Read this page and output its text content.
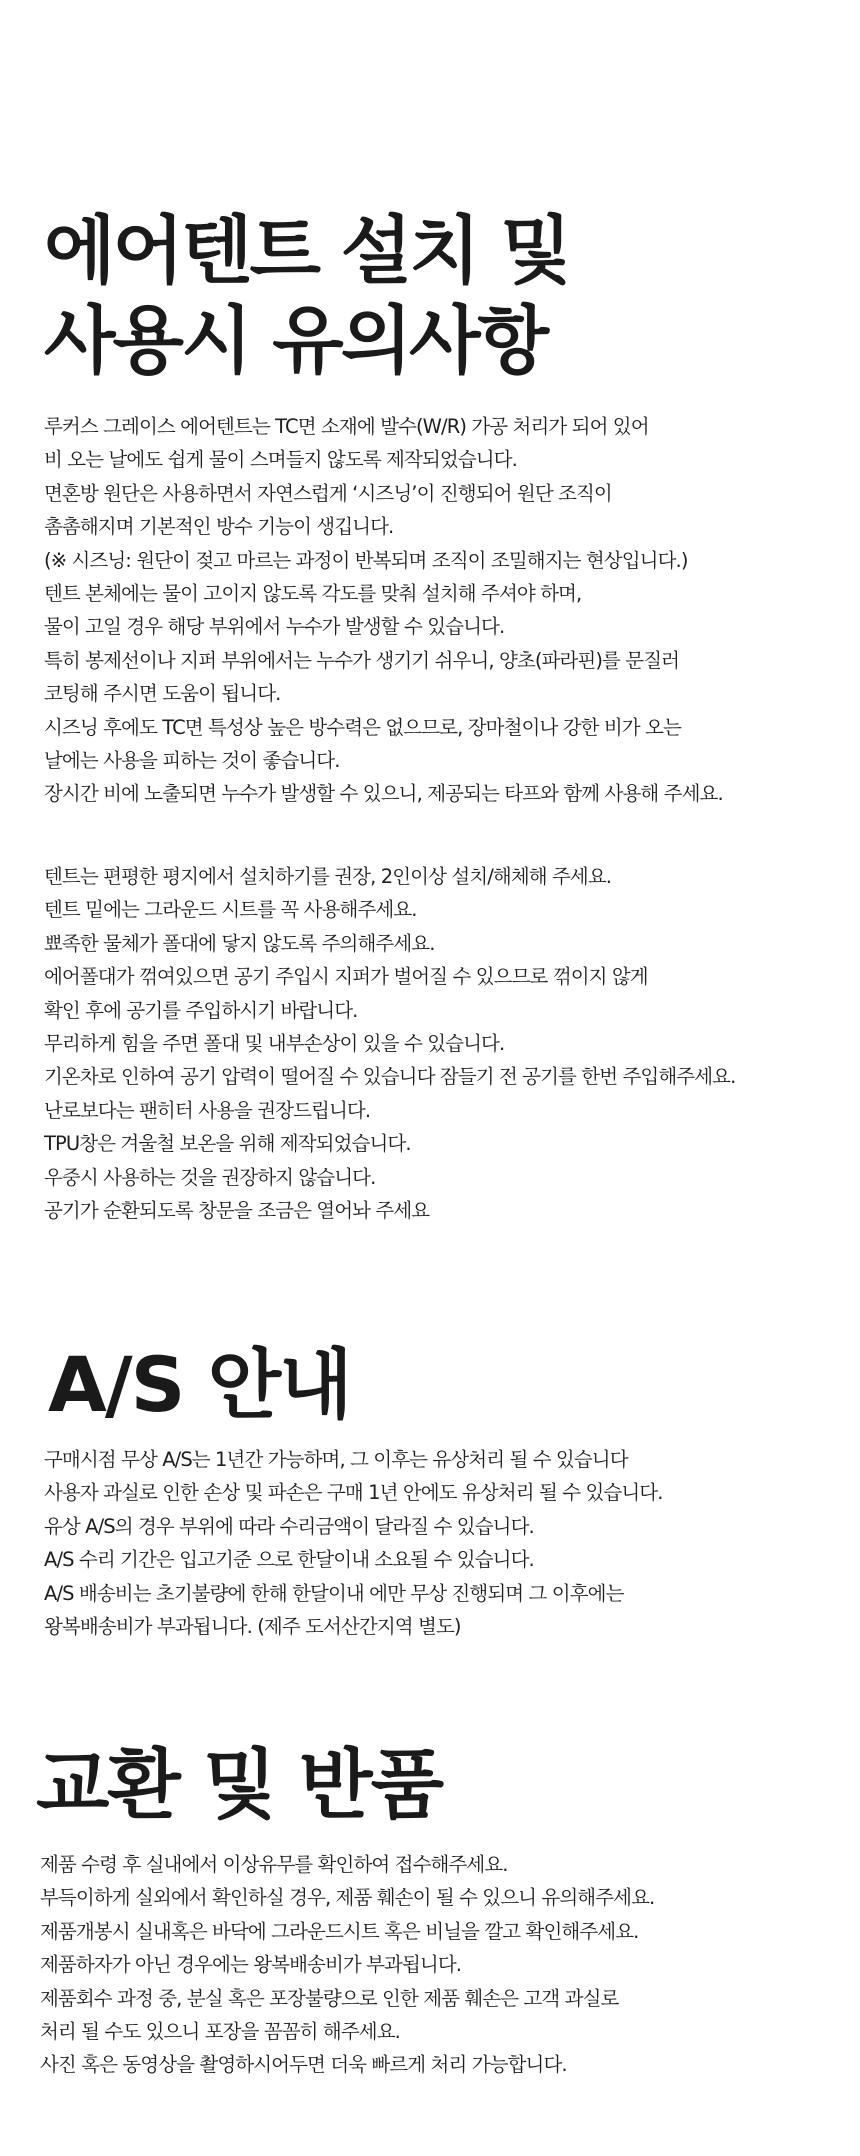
에어텐트 설치 및
사용시 유의사항
루커스 그레이스 에어텐트는 TC면 소재에 발수(W/R) 가공 처리가 되어 있어
비 오는 날에도 쉽게 물이 스며들지 않도록 제작되었습니다.
면혼방 원단은 사용하면서 자연스럽게 ‘시즈닝’이 진행되어 원단 조직이
촘촘해지며 기본적인 방수 기능이 생깁니다.
(※ 시즈닝: 원단이 젖고 마르는 과정이 반복되며 조직이 조밀해지는 현상입니다.)
텐트 본체에는 물이 고이지 않도록 각도를 맞춰 설치해 주셔야 하며,
물이 고일 경우 해당 부위에서 누수가 발생할 수 있습니다.
특히 봉제선이나 지퍼 부위에서는 누수가 생기기 쉬우니, 양초(파라핀)를 문질러
코팅해 주시면 도움이 됩니다.
시즈닝 후에도 TC면 특성상 높은 방수력은 없으므로, 장마철이나 강한 비가 오는
날에는 사용을 피하는 것이 좋습니다.
장시간 비에 노출되면 누수가 발생할 수 있으니, 제공되는 타프와 함께 사용해 주세요.
텐트는 편평한 평지에서 설치하기를 권장, 2인이상 설치/해체해 주세요.
텐트 밑에는 그라운드 시트를 꼭 사용해주세요.
뾰족한 물체가 폴대에 닿지 않도록 주의해주세요.
에어폴대가 꺾여있으면 공기 주입시 지퍼가 벌어질 수 있으므로 꺾이지 않게
확인 후에 공기를 주입하시기 바랍니다.
무리하게 힘을 주면 폴대 및 내부손상이 있을 수 있습니다.
기온차로 인하여 공기 압력이 떨어질 수 있습니다 잠들기 전 공기를 한번 주입해주세요.
난로보다는 팬히터 사용을 권장드립니다.
TPU창은 겨울철 보온을 위해 제작되었습니다.
우중시 사용하는 것을 권장하지 않습니다.
공기가 순환되도록 창문을 조금은 열어놔 주세요
A/S 안내
구매시점 무상 A/S는 1년간 가능하며, 그 이후는 유상처리 될 수 있습니다
사용자 과실로 인한 손상 및 파손은 구매 1년 안에도 유상처리 될 수 있습니다.
유상 A/S의 경우 부위에 따라 수리금액이 달라질 수 있습니다.
A/S 수리 기간은 입고기준 으로 한달이내 소요될 수 있습니다.
A/S 배송비는 초기불량에 한해 한달이내 에만 무상 진행되며 그 이후에는
왕복배송비가 부과됩니다. (제주 도서산간지역 별도)
교환 및 반품
제품 수령 후 실내에서 이상유무를 확인하여 접수해주세요.
부득이하게 실외에서 확인하실 경우, 제품 훼손이 될 수 있으니 유의해주세요.
제품개봉시 실내혹은 바닥에 그라운드시트 혹은 비닐을 깔고 확인해주세요.
제품하자가 아닌 경우에는 왕복배송비가 부과됩니다.
제품회수 과정 중, 분실 혹은 포장불량으로 인한 제품 훼손은 고객 과실로
처리 될 수도 있으니 포장을 꼼꼼히 해주세요.
사진 혹은 동영상을 촬영하시어두면 더욱 빠르게 처리 가능합니다.
